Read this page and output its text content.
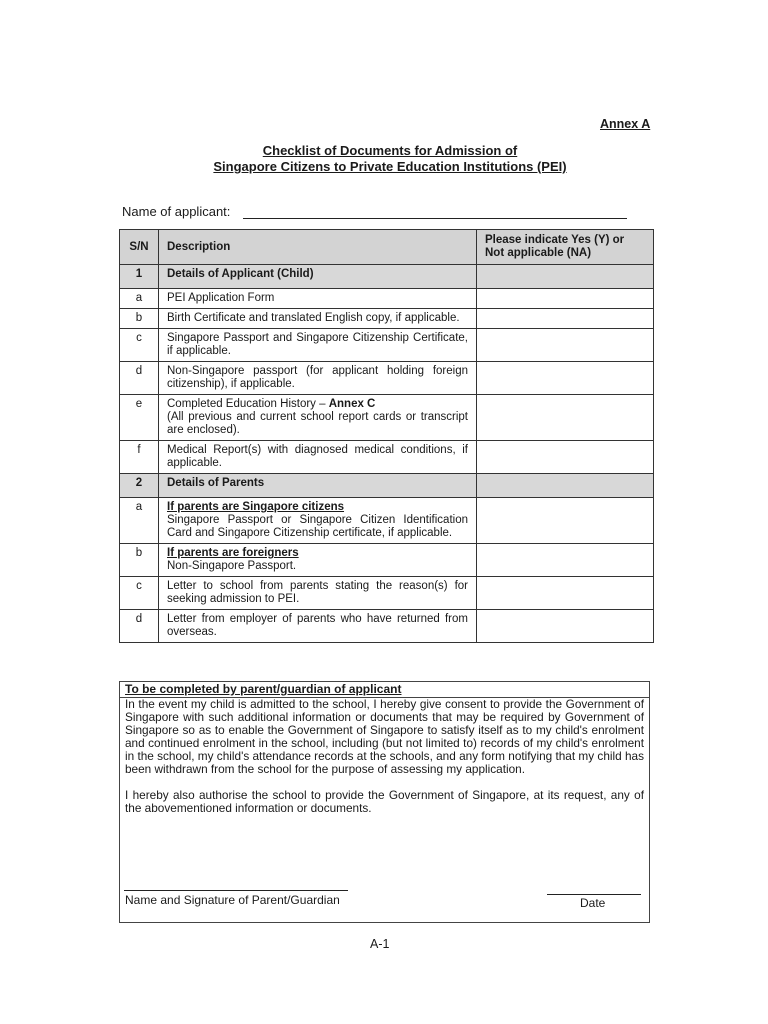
Annex A
Checklist of Documents for Admission of
Singapore Citizens to Private Education Institutions (PEI)
Name of applicant:
S/N	Description	Please indicate Yes (Y) or Not applicable (NA)
1	Details of Applicant (Child)	
a	PEI Application Form	
b	Birth Certificate and translated English copy, if applicable.	
c	Singapore Passport and Singapore Citizenship Certificate, if applicable.	
d	Non-Singapore passport (for applicant holding foreign citizenship), if applicable.	
e	Completed Education History – Annex C
(All previous and current school report cards or transcript are enclosed).	

f	Medical Report(s) with diagnosed medical conditions, if applicable.	
2	Details of Parents	
a	If parents are Singapore citizens
Singapore Passport or Singapore Citizen Identification Card and Singapore Citizenship certificate, if applicable.	

b	If parents are foreigners
Non-Singapore Passport.	

c	Letter to school from parents stating the reason(s) for seeking admission to PEI.	
d	Letter from employer of parents who have returned from overseas.	
To be completed by parent/guardian of applicant

In the event my child is admitted to the school, I hereby give consent to provide the Government of Singapore with such additional information or documents that may be required by Government of Singapore so as to enable the Government of Singapore to satisfy itself as to my child's enrolment and continued enrolment in the school, including (but not limited to) records of my child's enrolment in the school, my child's attendance records at the schools, and any form notifying that my child has been withdrawn from the school for the purpose of assessing my application.

I hereby also authorise the school to provide the Government of Singapore, at its request, any of the abovementioned information or documents.

Name and Signature of Parent/Guardian	Date
A-1
